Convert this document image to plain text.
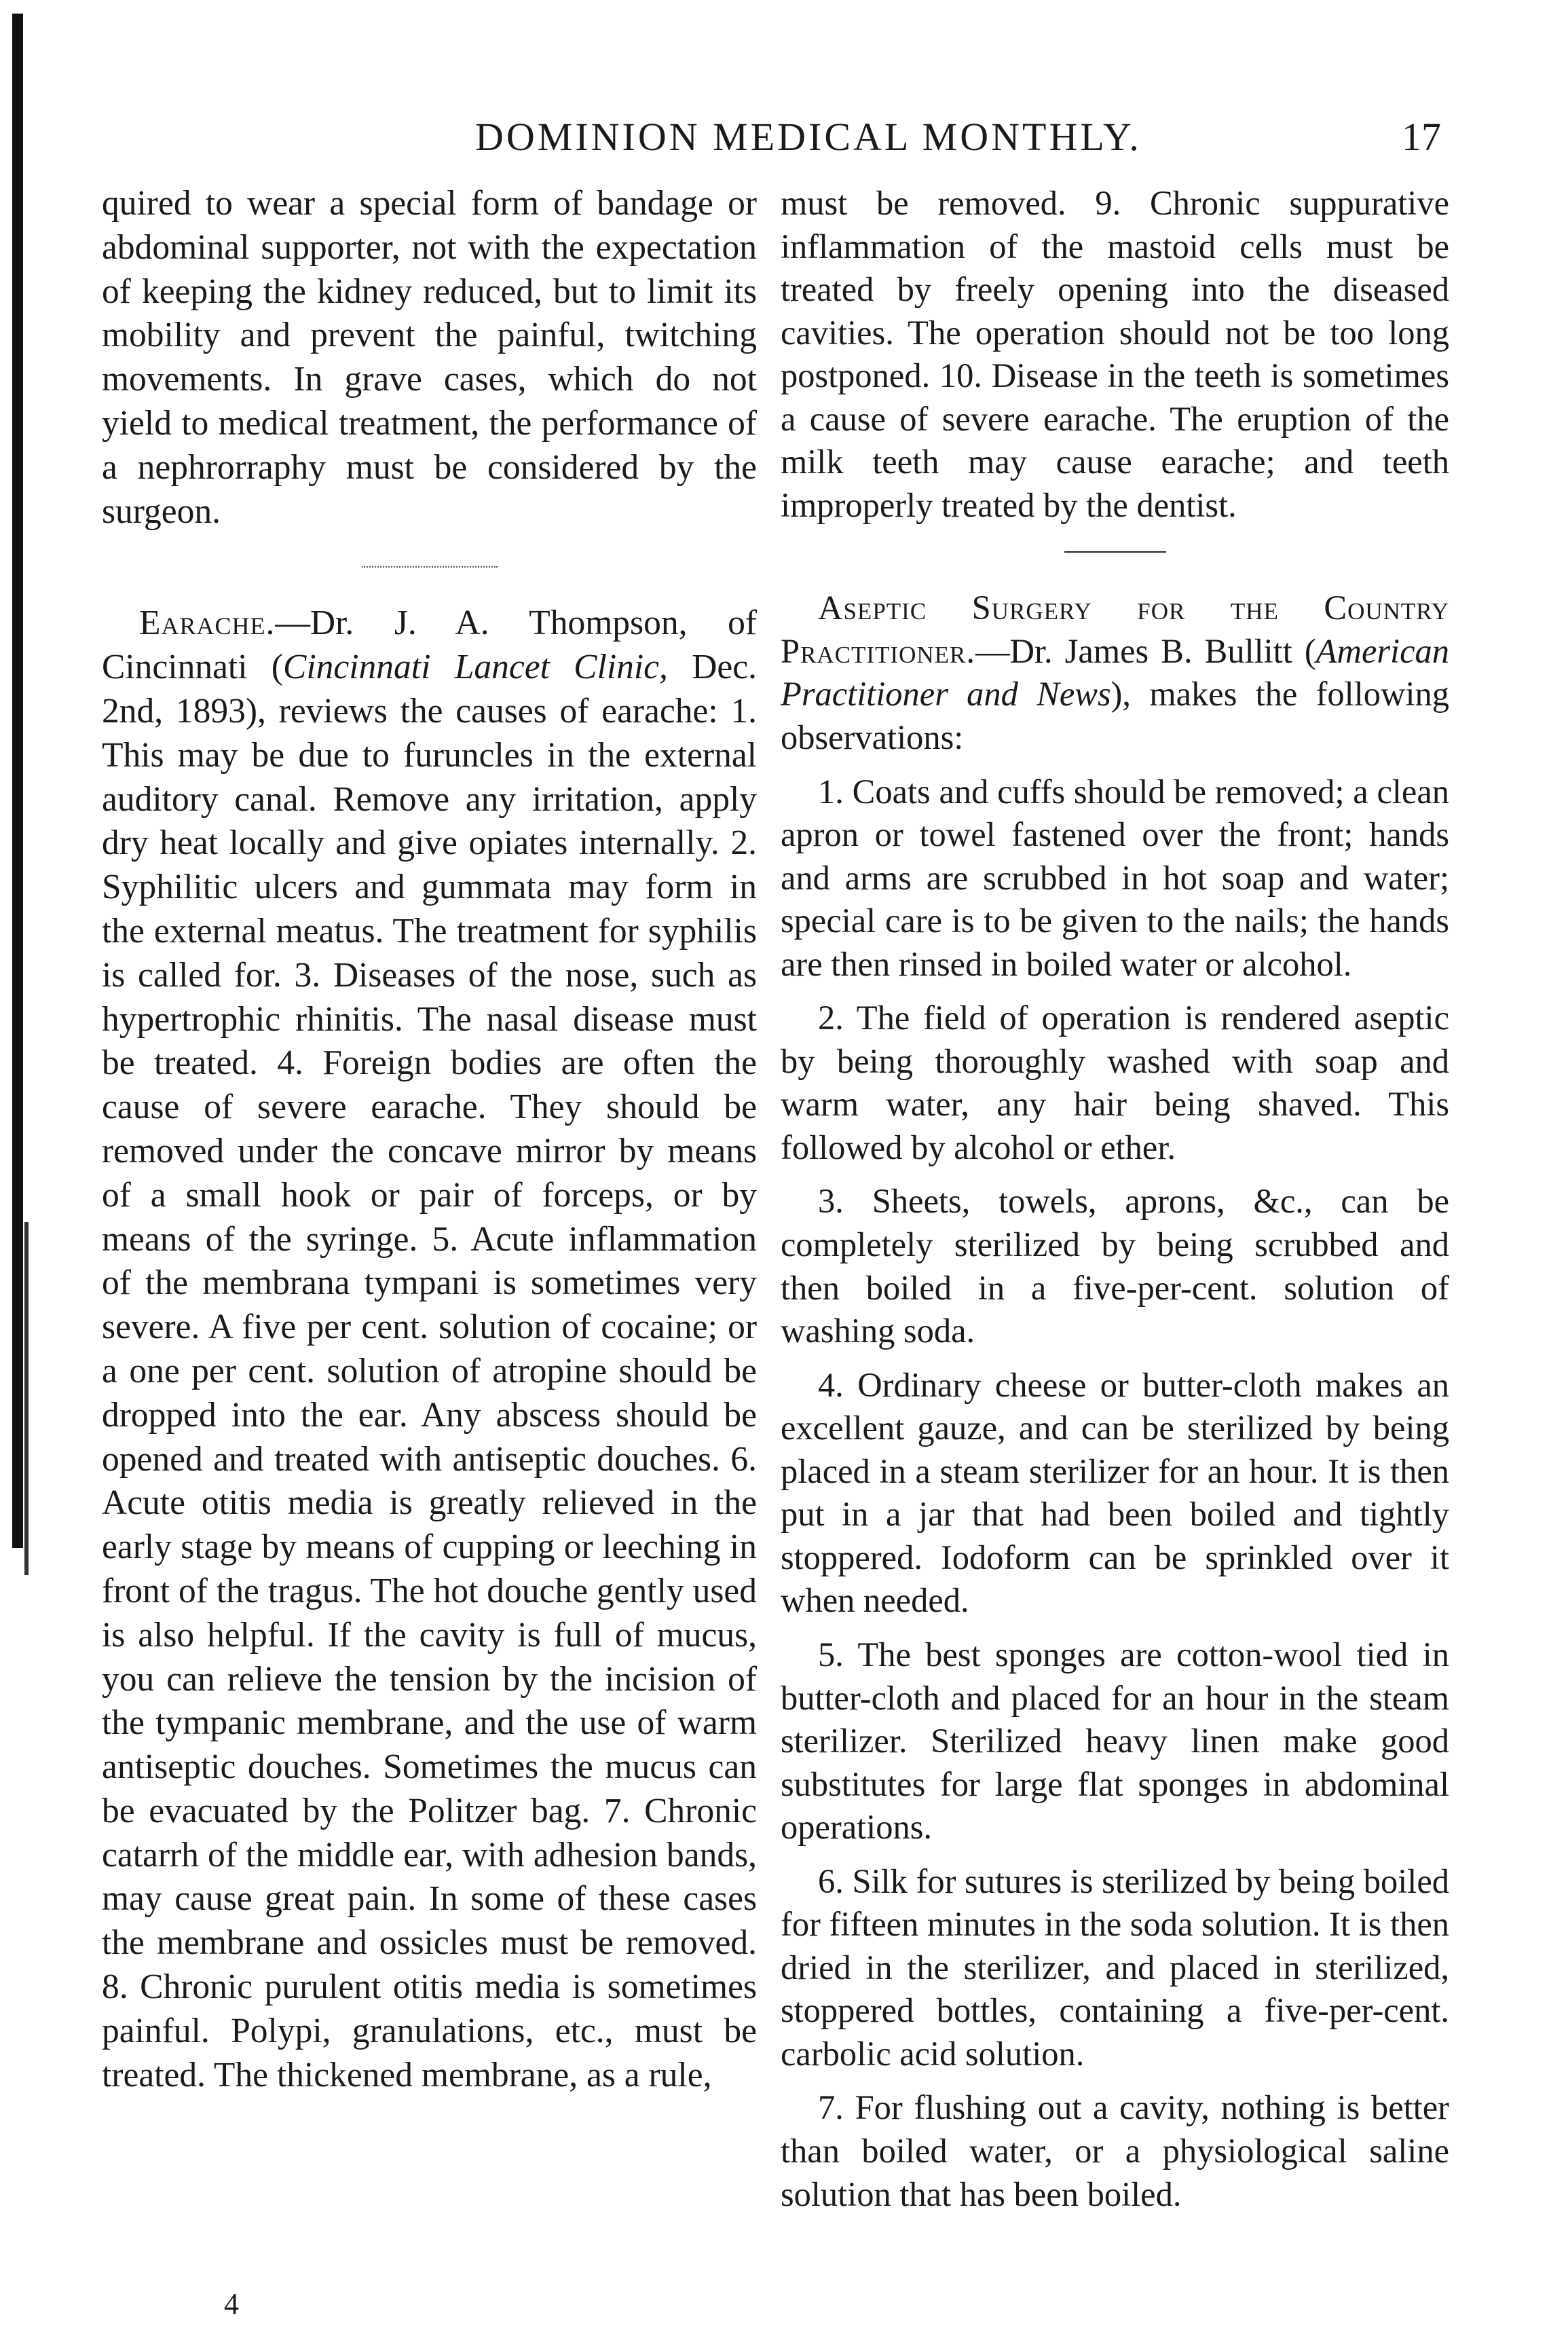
DOMINION MEDICAL MONTHLY.	17

quired to wear a special form of bandage or abdominal supporter, not with the expectation of keeping the kidney reduced, but to limit its mobility and prevent the painful, twitching movements. In grave cases, which do not yield to medical treatment, the performance of a nephrorraphy must be considered by the surgeon.

Earache.—Dr. J. A. Thompson, of Cincinnati (Cincinnati Lancet Clinic, Dec. 2nd, 1893), reviews the causes of earache: 1. This may be due to furuncles in the external auditory canal. Remove any irritation, apply dry heat locally and give opiates internally. 2. Syphilitic ulcers and gummata may form in the external meatus. The treatment for syphilis is called for. 3. Diseases of the nose, such as hypertrophic rhinitis. The nasal disease must be treated. 4. Foreign bodies are often the cause of severe earache. They should be removed under the concave mirror by means of a small hook or pair of forceps, or by means of the syringe. 5. Acute inflammation of the membrana tympani is sometimes very severe. A five per cent. solution of cocaine; or a one per cent. solution of atropine should be dropped into the ear. Any abscess should be opened and treated with antiseptic douches. 6. Acute otitis media is greatly relieved in the early stage by means of cupping or leeching in front of the tragus. The hot douche gently used is also helpful. If the cavity is full of mucus, you can relieve the tension by the incision of the tympanic membrane, and the use of warm antiseptic douches. Sometimes the mucus can be evacuated by the Politzer bag. 7. Chronic catarrh of the middle ear, with adhesion bands, may cause great pain. In some of these cases the membrane and ossicles must be removed. 8. Chronic purulent otitis media is sometimes painful. Polypi, granulations, etc., must be treated. The thickened membrane, as a rule,

must be removed. 9. Chronic suppurative inflammation of the mastoid cells must be treated by freely opening into the diseased cavities. The operation should not be too long postponed. 10. Disease in the teeth is sometimes a cause of severe earache. The eruption of the milk teeth may cause earache; and teeth improperly treated by the dentist.

Aseptic Surgery for the Country Practitioner.—Dr. James B. Bullitt (American Practitioner and News), makes the following observations:

1. Coats and cuffs should be removed; a clean apron or towel fastened over the front; hands and arms are scrubbed in hot soap and water; special care is to be given to the nails; the hands are then rinsed in boiled water or alcohol.

2. The field of operation is rendered aseptic by being thoroughly washed with soap and warm water, any hair being shaved. This followed by alcohol or ether.

3. Sheets, towels, aprons, &c., can be completely sterilized by being scrubbed and then boiled in a five-per-cent. solution of washing soda.

4. Ordinary cheese or butter-cloth makes an excellent gauze, and can be sterilized by being placed in a steam sterilizer for an hour. It is then put in a jar that had been boiled and tightly stoppered. Iodoform can be sprinkled over it when needed.

5. The best sponges are cotton-wool tied in butter-cloth and placed for an hour in the steam sterilizer. Sterilized heavy linen make good substitutes for large flat sponges in abdominal operations.

6. Silk for sutures is sterilized by being boiled for fifteen minutes in the soda solution. It is then dried in the sterilizer, and placed in sterilized, stoppered bottles, containing a five-per-cent. carbolic acid solution.

7. For flushing out a cavity, nothing is better than boiled water, or a physiological saline solution that has been boiled.

4
